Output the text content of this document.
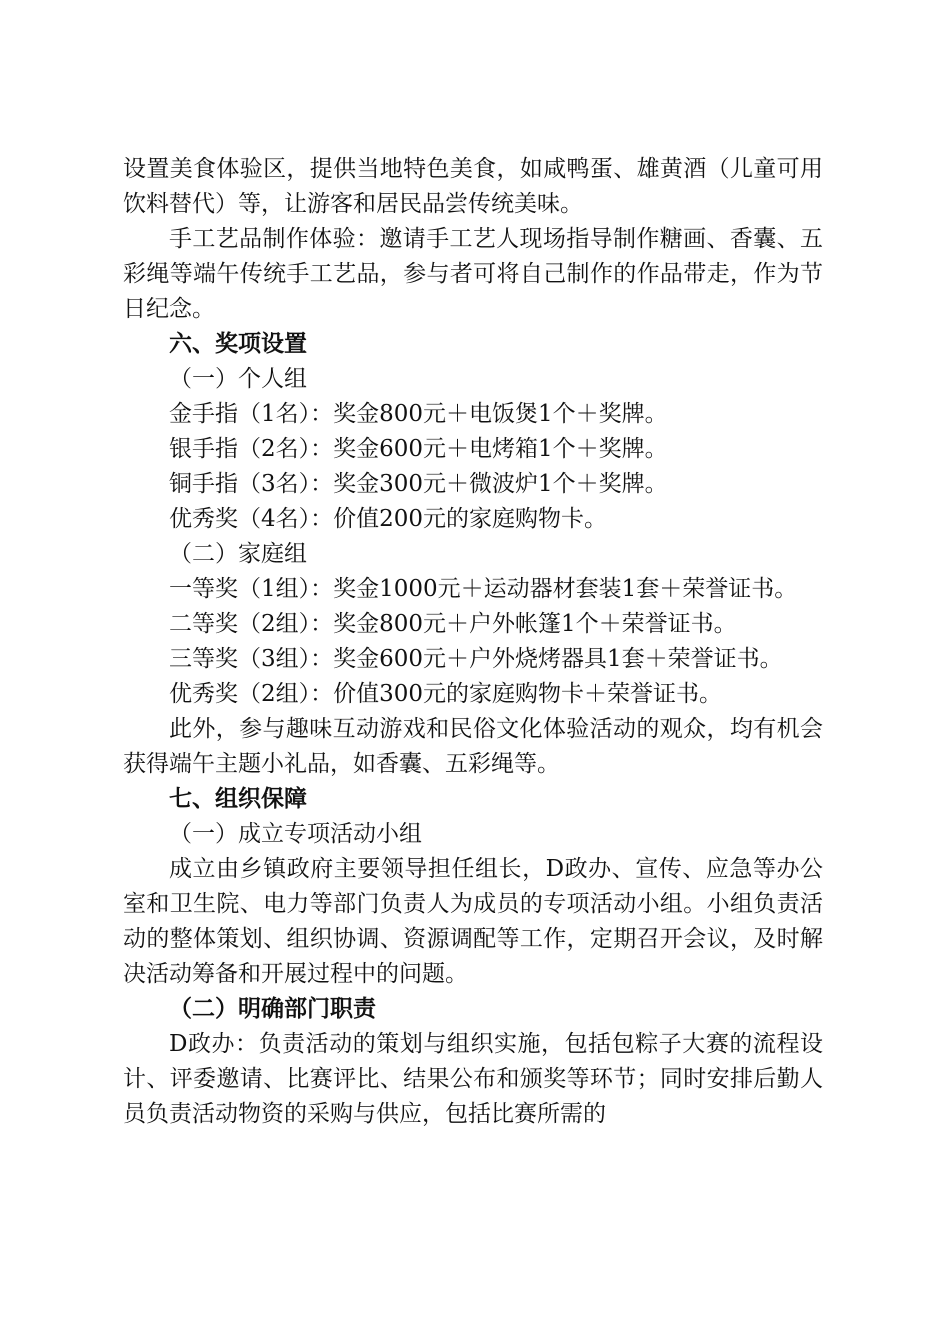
设置美食体验区，提供当地特色美食，如咸鸭蛋、雄黄酒（儿童可用饮料替代）等，让游客和居民品尝传统美味。

手工艺品制作体验：邀请手工艺人现场指导制作糖画、香囊、五彩绳等端午传统手工艺品，参与者可将自己制作的作品带走，作为节日纪念。

六、奖项设置

（一）个人组

金手指（1名）：奖金800元＋电饭煲1个＋奖牌。

银手指（2名）：奖金600元＋电烤箱1个＋奖牌。

铜手指（3名）：奖金300元＋微波炉1个＋奖牌。

优秀奖（4名）：价值200元的家庭购物卡。

（二）家庭组

一等奖（1组）：奖金1000元＋运动器材套装1套＋荣誉证书。

二等奖（2组）：奖金800元＋户外帐篷1个＋荣誉证书。

三等奖（3组）：奖金600元＋户外烧烤器具1套＋荣誉证书。

优秀奖（2组）：价值300元的家庭购物卡＋荣誉证书。

此外，参与趣味互动游戏和民俗文化体验活动的观众，均有机会获得端午主题小礼品，如香囊、五彩绳等。

七、组织保障

（一）成立专项活动小组

成立由乡镇政府主要领导担任组长，D政办、宣传、应急等办公室和卫生院、电力等部门负责人为成员的专项活动小组。小组负责活动的整体策划、组织协调、资源调配等工作，定期召开会议，及时解决活动筹备和开展过程中的问题。

（二）明确部门职责

D政办：负责活动的策划与组织实施，包括包粽子大赛的流程设计、评委邀请、比赛评比、结果公布和颁奖等环节；同时安排后勤人员负责活动物资的采购与供应，包括比赛所需的
